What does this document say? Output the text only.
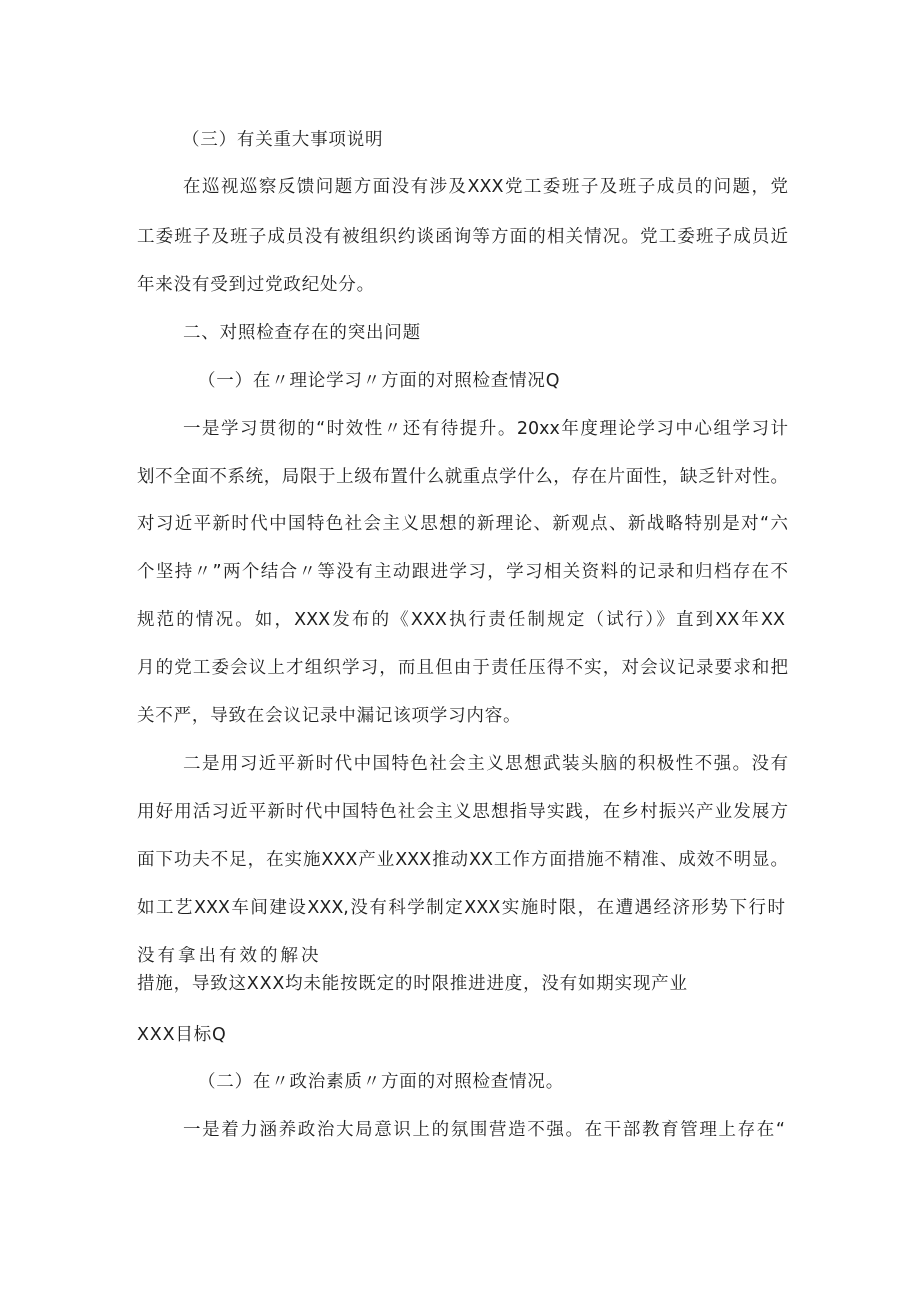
（三）有关重大事项说明
在巡视巡察反馈问题方面没有涉及XXX党工委班子及班子成员的问题，党
工委班子及班子成员没有被组织约谈函询等方面的相关情况。党工委班子成员近
年来没有受到过党政纪处分。
二、对照检查存在的突出问题
（一）在〃理论学习〃方面的对照检查情况Q
一是学习贯彻的“时效性〃还有待提升。20xx年度理论学习中心组学习计
划不全面不系统，局限于上级布置什么就重点学什么，存在片面性，缺乏针对性。
对习近平新时代中国特色社会主义思想的新理论、新观点、新战略特别是对“六
个坚持〃”两个结合〃等没有主动跟进学习，学习相关资料的记录和归档存在不
规范的情况。如，XXX发布的《XXX执行责任制规定（试行）》直到XX年XX
月的党工委会议上才组织学习，而且但由于责任压得不实，对会议记录要求和把
关不严，导致在会议记录中漏记该项学习内容。
二是用习近平新时代中国特色社会主义思想武装头脑的积极性不强。没有
用好用活习近平新时代中国特色社会主义思想指导实践，在乡村振兴产业发展方
面下功夫不足，在实施XXX产业XXX推动XX工作方面措施不精准、成效不明显。
如工艺XXX车间建设XXX,没有科学制定XXX实施时限，在遭遇经济形势下行时
没有拿出有效的解决
措施，导致这XXX均未能按既定的时限推进进度，没有如期实现产业
XXX目标Q
（二）在〃政治素质〃方面的对照检查情况。
一是着力涵养政治大局意识上的氛围营造不强。在干部教育管理上存在“
